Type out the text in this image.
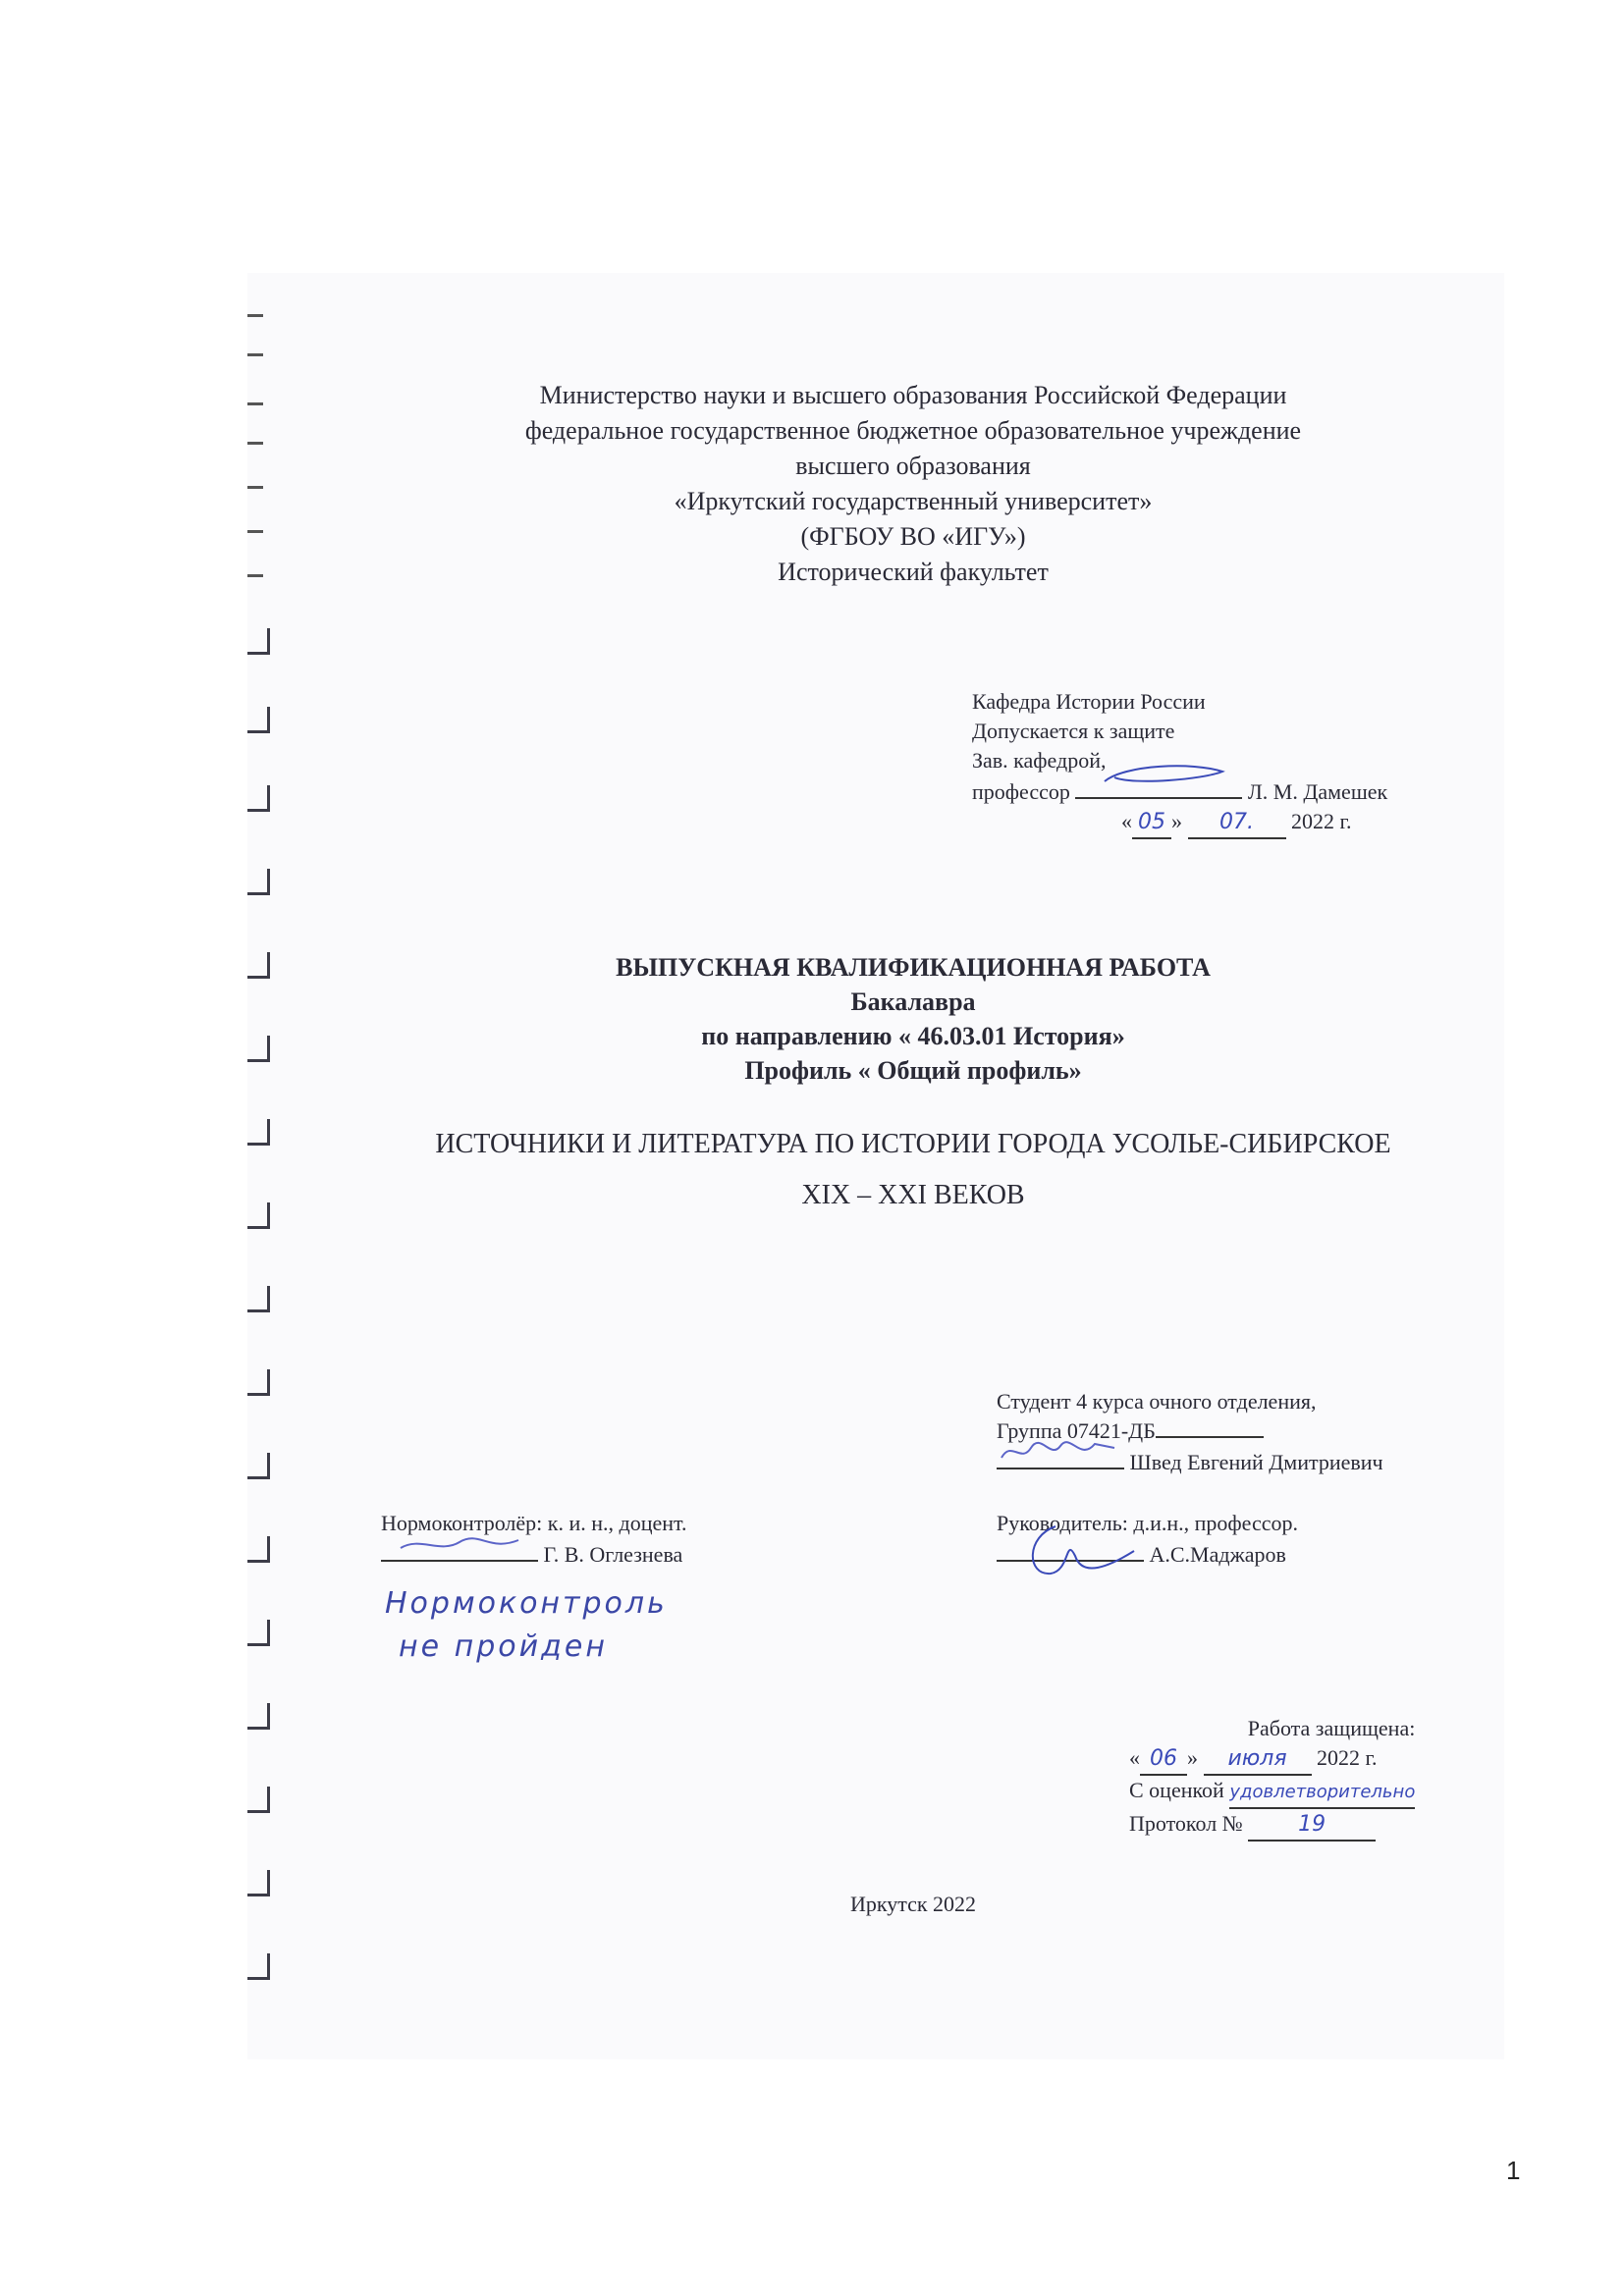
Министерство науки и высшего образования Российской Федерации
федеральное государственное бюджетное образовательное учреждение
высшего образования
«Иркутский государственный университет»
(ФГБОУ ВО «ИГУ»)
Исторический факультет
Кафедра Истории России
Допускается к защите
Зав. кафедрой,
профессор	Л. М. Дамешек
« 05 » 07. 2022 г.
ВЫПУСКНАЯ КВАЛИФИКАЦИОННАЯ РАБОТА
Бакалавра
по направлению « 46.03.01 История»
Профиль « Общий профиль»
ИСТОЧНИКИ И ЛИТЕРАТУРА ПО ИСТОРИИ ГОРОДА УСОЛЬЕ-СИБИРСКОЕ
XIX – XXI ВЕКОВ
Студент 4 курса очного отделения,
Группа 07421-ДБ
Швед Евгений Дмитриевич
Нормоконтролёр: к. и. н., доцент.
Г. В. Оглезнева
Нормоконтроль
не пройден
Руководитель: д.и.н., профессор.
А.С.Маджаров
Работа защищена:
« 06 » июля 2022 г.
С оценкой удовлетворительно
Протокол №	19
Иркутск 2022
1
